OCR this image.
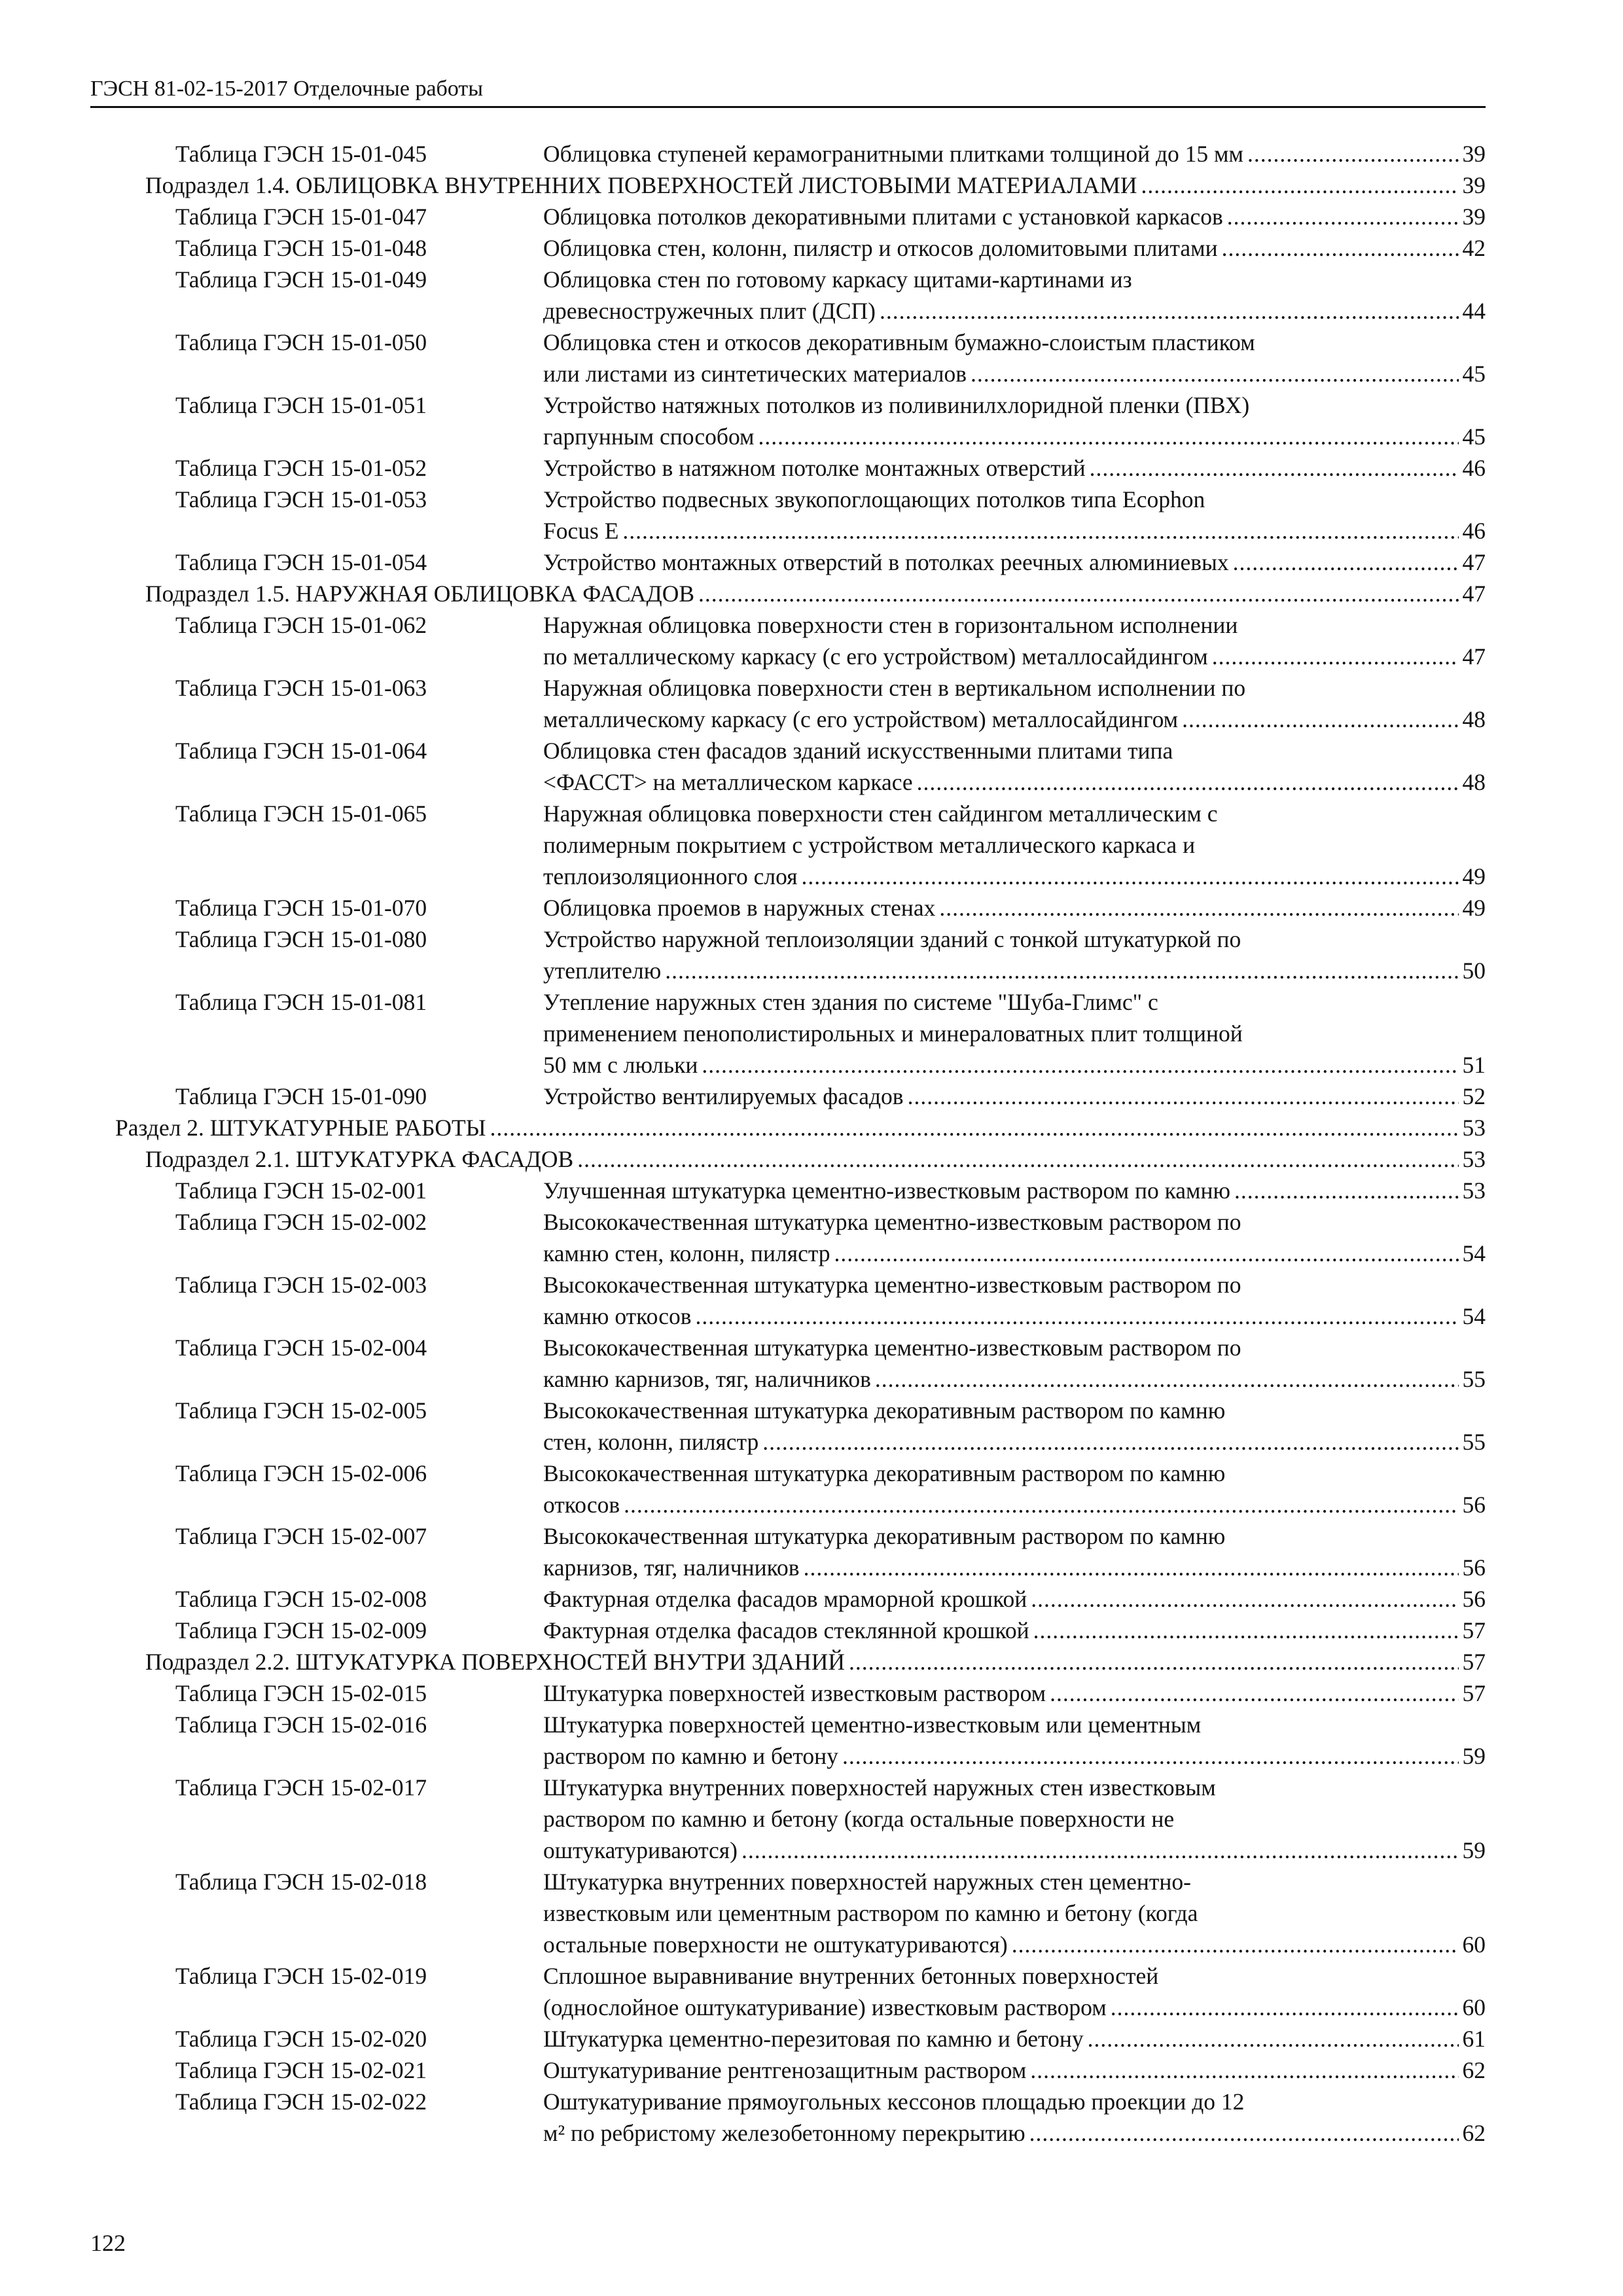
ГЭСН 81-02-15-2017 Отделочные работы
Таблица ГЭСН 15-01-045	Облицовка ступеней керамогранитными плитками толщиной до 15 мм .....	39
Подраздел 1.4. ОБЛИЦОВКА ВНУТРЕННИХ ПОВЕРХНОСТЕЙ ЛИСТОВЫМИ МАТЕРИАЛАМИ .....	39
Таблица ГЭСН 15-01-047	Облицовка потолков декоративными плитами с установкой каркасов .....	39
Таблица ГЭСН 15-01-048	Облицовка стен, колонн, пилястр и откосов доломитовыми плитами .....	42
Таблица ГЭСН 15-01-049	Облицовка стен по готовому каркасу щитами-картинами из
древесностружечных плит (ДСП) .....	44
Таблица ГЭСН 15-01-050	Облицовка стен и откосов декоративным бумажно-слоистым пластиком
или листами из синтетических материалов .....	45
Таблица ГЭСН 15-01-051	Устройство натяжных потолков из поливинилхлоридной пленки (ПВХ)
гарпунным способом .....	45
Таблица ГЭСН 15-01-052	Устройство в натяжном потолке монтажных отверстий .....	46
Таблица ГЭСН 15-01-053	Устройство подвесных звукопоглощающих потолков типа Ecophon
Focus E .....	46
Таблица ГЭСН 15-01-054	Устройство монтажных отверстий в потолках реечных алюминиевых .....	47
Подраздел 1.5. НАРУЖНАЯ ОБЛИЦОВКА ФАСАДОВ .....	47
Таблица ГЭСН 15-01-062	Наружная облицовка поверхности стен в горизонтальном исполнении
по металлическому каркасу (с его устройством) металлосайдингом .....	47
Таблица ГЭСН 15-01-063	Наружная облицовка поверхности стен в вертикальном исполнении по
металлическому каркасу (с его устройством) металлосайдингом .....	48
Таблица ГЭСН 15-01-064	Облицовка стен фасадов зданий искусственными плитами типа
<ФАССТ> на металлическом каркасе .....	48
Таблица ГЭСН 15-01-065	Наружная облицовка поверхности стен сайдингом металлическим с
полимерным покрытием с устройством металлического каркаса и
теплоизоляционного слоя .....	49
Таблица ГЭСН 15-01-070	Облицовка проемов в наружных стенах .....	49
Таблица ГЭСН 15-01-080	Устройство наружной теплоизоляции зданий с тонкой штукатуркой по
утеплителю .....	50
Таблица ГЭСН 15-01-081	Утепление наружных стен здания по системе "Шуба-Глимс" с
применением пенополистирольных и минераловатных плит толщиной
50 мм с люльки .....	51
Таблица ГЭСН 15-01-090	Устройство вентилируемых фасадов .....	52
Раздел 2. ШТУКАТУРНЫЕ РАБОТЫ .....	53
Подраздел 2.1. ШТУКАТУРКА ФАСАДОВ .....	53
Таблица ГЭСН 15-02-001	Улучшенная штукатурка цементно-известковым раствором по камню .....	53
Таблица ГЭСН 15-02-002	Высококачественная штукатурка цементно-известковым раствором по
камню стен, колонн, пилястр .....	54
Таблица ГЭСН 15-02-003	Высококачественная штукатурка цементно-известковым раствором по
камню откосов .....	54
Таблица ГЭСН 15-02-004	Высококачественная штукатурка цементно-известковым раствором по
камню карнизов, тяг, наличников .....	55
Таблица ГЭСН 15-02-005	Высококачественная штукатурка декоративным раствором по камню
стен, колонн, пилястр .....	55
Таблица ГЭСН 15-02-006	Высококачественная штукатурка декоративным раствором по камню
откосов .....	56
Таблица ГЭСН 15-02-007	Высококачественная штукатурка декоративным раствором по камню
карнизов, тяг, наличников .....	56
Таблица ГЭСН 15-02-008	Фактурная отделка фасадов мраморной крошкой .....	56
Таблица ГЭСН 15-02-009	Фактурная отделка фасадов стеклянной крошкой .....	57
Подраздел 2.2. ШТУКАТУРКА ПОВЕРХНОСТЕЙ ВНУТРИ ЗДАНИЙ .....	57
Таблица ГЭСН 15-02-015	Штукатурка поверхностей известковым раствором .....	57
Таблица ГЭСН 15-02-016	Штукатурка поверхностей цементно-известковым или цементным
раствором по камню и бетону .....	59
Таблица ГЭСН 15-02-017	Штукатурка внутренних поверхностей наружных стен известковым
раствором по камню и бетону (когда остальные поверхности не
оштукатуриваются) .....	59
Таблица ГЭСН 15-02-018	Штукатурка внутренних поверхностей наружных стен цементно-
известковым или цементным раствором по камню и бетону (когда
остальные поверхности не оштукатуриваются) .....	60
Таблица ГЭСН 15-02-019	Сплошное выравнивание внутренних бетонных поверхностей
(однослойное оштукатуривание) известковым раствором .....	60
Таблица ГЭСН 15-02-020	Штукатурка цементно-перезитовая по камню и бетону .....	61
Таблица ГЭСН 15-02-021	Оштукатуривание рентгенозащитным раствором .....	62
Таблица ГЭСН 15-02-022	Оштукатуривание прямоугольных кессонов площадью проекции до 12
м² по ребристому железобетонному перекрытию .....	62
122
